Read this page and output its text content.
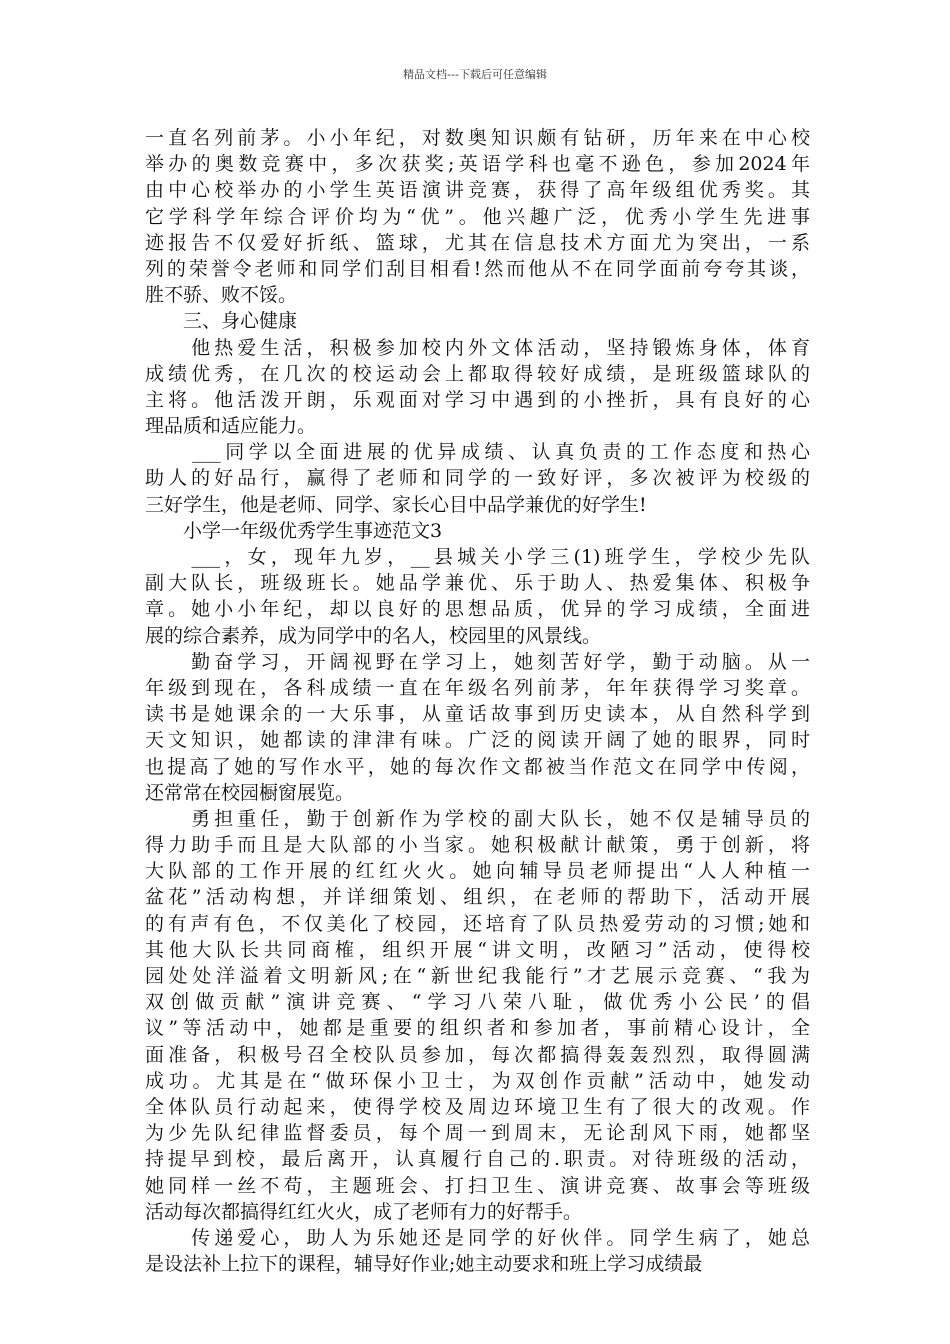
精品文档---下载后可任意编辑
一直名列前茅。小小年纪，对数奥知识颇有钻研，历年来在中心校
举办的奥数竞赛中，多次获奖;英语学科也毫不逊色，参加2024年
由中心校举办的小学生英语演讲竞赛，获得了高年级组优秀奖。其
它学科学年综合评价均为“优”。他兴趣广泛，优秀小学生先进事
迹报告不仅爱好折纸、篮球，尤其在信息技术方面尤为突出，一系
列的荣誉令老师和同学们刮目相看!然而他从不在同学面前夸夸其谈，
胜不骄、败不馁。
　　三、身心健康
　　他热爱生活，积极参加校内外文体活动，坚持锻炼身体，体育
成绩优秀，在几次的校运动会上都取得较好成绩，是班级篮球队的
主将。他活泼开朗，乐观面对学习中遇到的小挫折，具有良好的心
理品质和适应能力。
　　___同学以全面进展的优异成绩、认真负责的工作态度和热心
助人的好品行，赢得了老师和同学的一致好评，多次被评为校级的
三好学生，他是老师、同学、家长心目中品学兼优的好学生!
　　小学一年级优秀学生事迹范文3
　　___，女，现年九岁，__县城关小学三(1)班学生，学校少先队
副大队长，班级班长。她品学兼优、乐于助人、热爱集体、积极争
章。她小小年纪，却以良好的思想品质，优异的学习成绩，全面进
展的综合素养，成为同学中的名人，校园里的风景线。
　　勤奋学习，开阔视野在学习上，她刻苦好学，勤于动脑。从一
年级到现在，各科成绩一直在年级名列前茅，年年获得学习奖章。
读书是她课余的一大乐事，从童话故事到历史读本，从自然科学到
天文知识，她都读的津津有味。广泛的阅读开阔了她的眼界，同时
也提高了她的写作水平，她的每次作文都被当作范文在同学中传阅，
还常常在校园橱窗展览。
　　勇担重任，勤于创新作为学校的副大队长，她不仅是辅导员的
得力助手而且是大队部的小当家。她积极献计献策，勇于创新，将
大队部的工作开展的红红火火。她向辅导员老师提出“人人种植一
盆花”活动构想，并详细策划、组织，在老师的帮助下，活动开展
的有声有色，不仅美化了校园，还培育了队员热爱劳动的习惯;她和
其他大队长共同商榷，组织开展“讲文明，改陋习”活动，使得校
园处处洋溢着文明新风;在“新世纪我能行”才艺展示竞赛、“我为
双创做贡献”演讲竞赛、“学习八荣八耻，做优秀小公民’的倡
议”等活动中，她都是重要的组织者和参加者，事前精心设计，全
面准备，积极号召全校队员参加，每次都搞得轰轰烈烈，取得圆满
成功。尤其是在“做环保小卫士，为双创作贡献”活动中，她发动
全体队员行动起来，使得学校及周边环境卫生有了很大的改观。作
为少先队纪律监督委员，每个周一到周末，无论刮风下雨，她都坚
持提早到校，最后离开，认真履行自己的.职责。对待班级的活动，
她同样一丝不苟，主题班会、打扫卫生、演讲竞赛、故事会等班级
活动每次都搞得红红火火，成了老师有力的好帮手。
　　传递爱心，助人为乐她还是同学的好伙伴。同学生病了，她总
是设法补上拉下的课程，辅导好作业;她主动要求和班上学习成绩最
